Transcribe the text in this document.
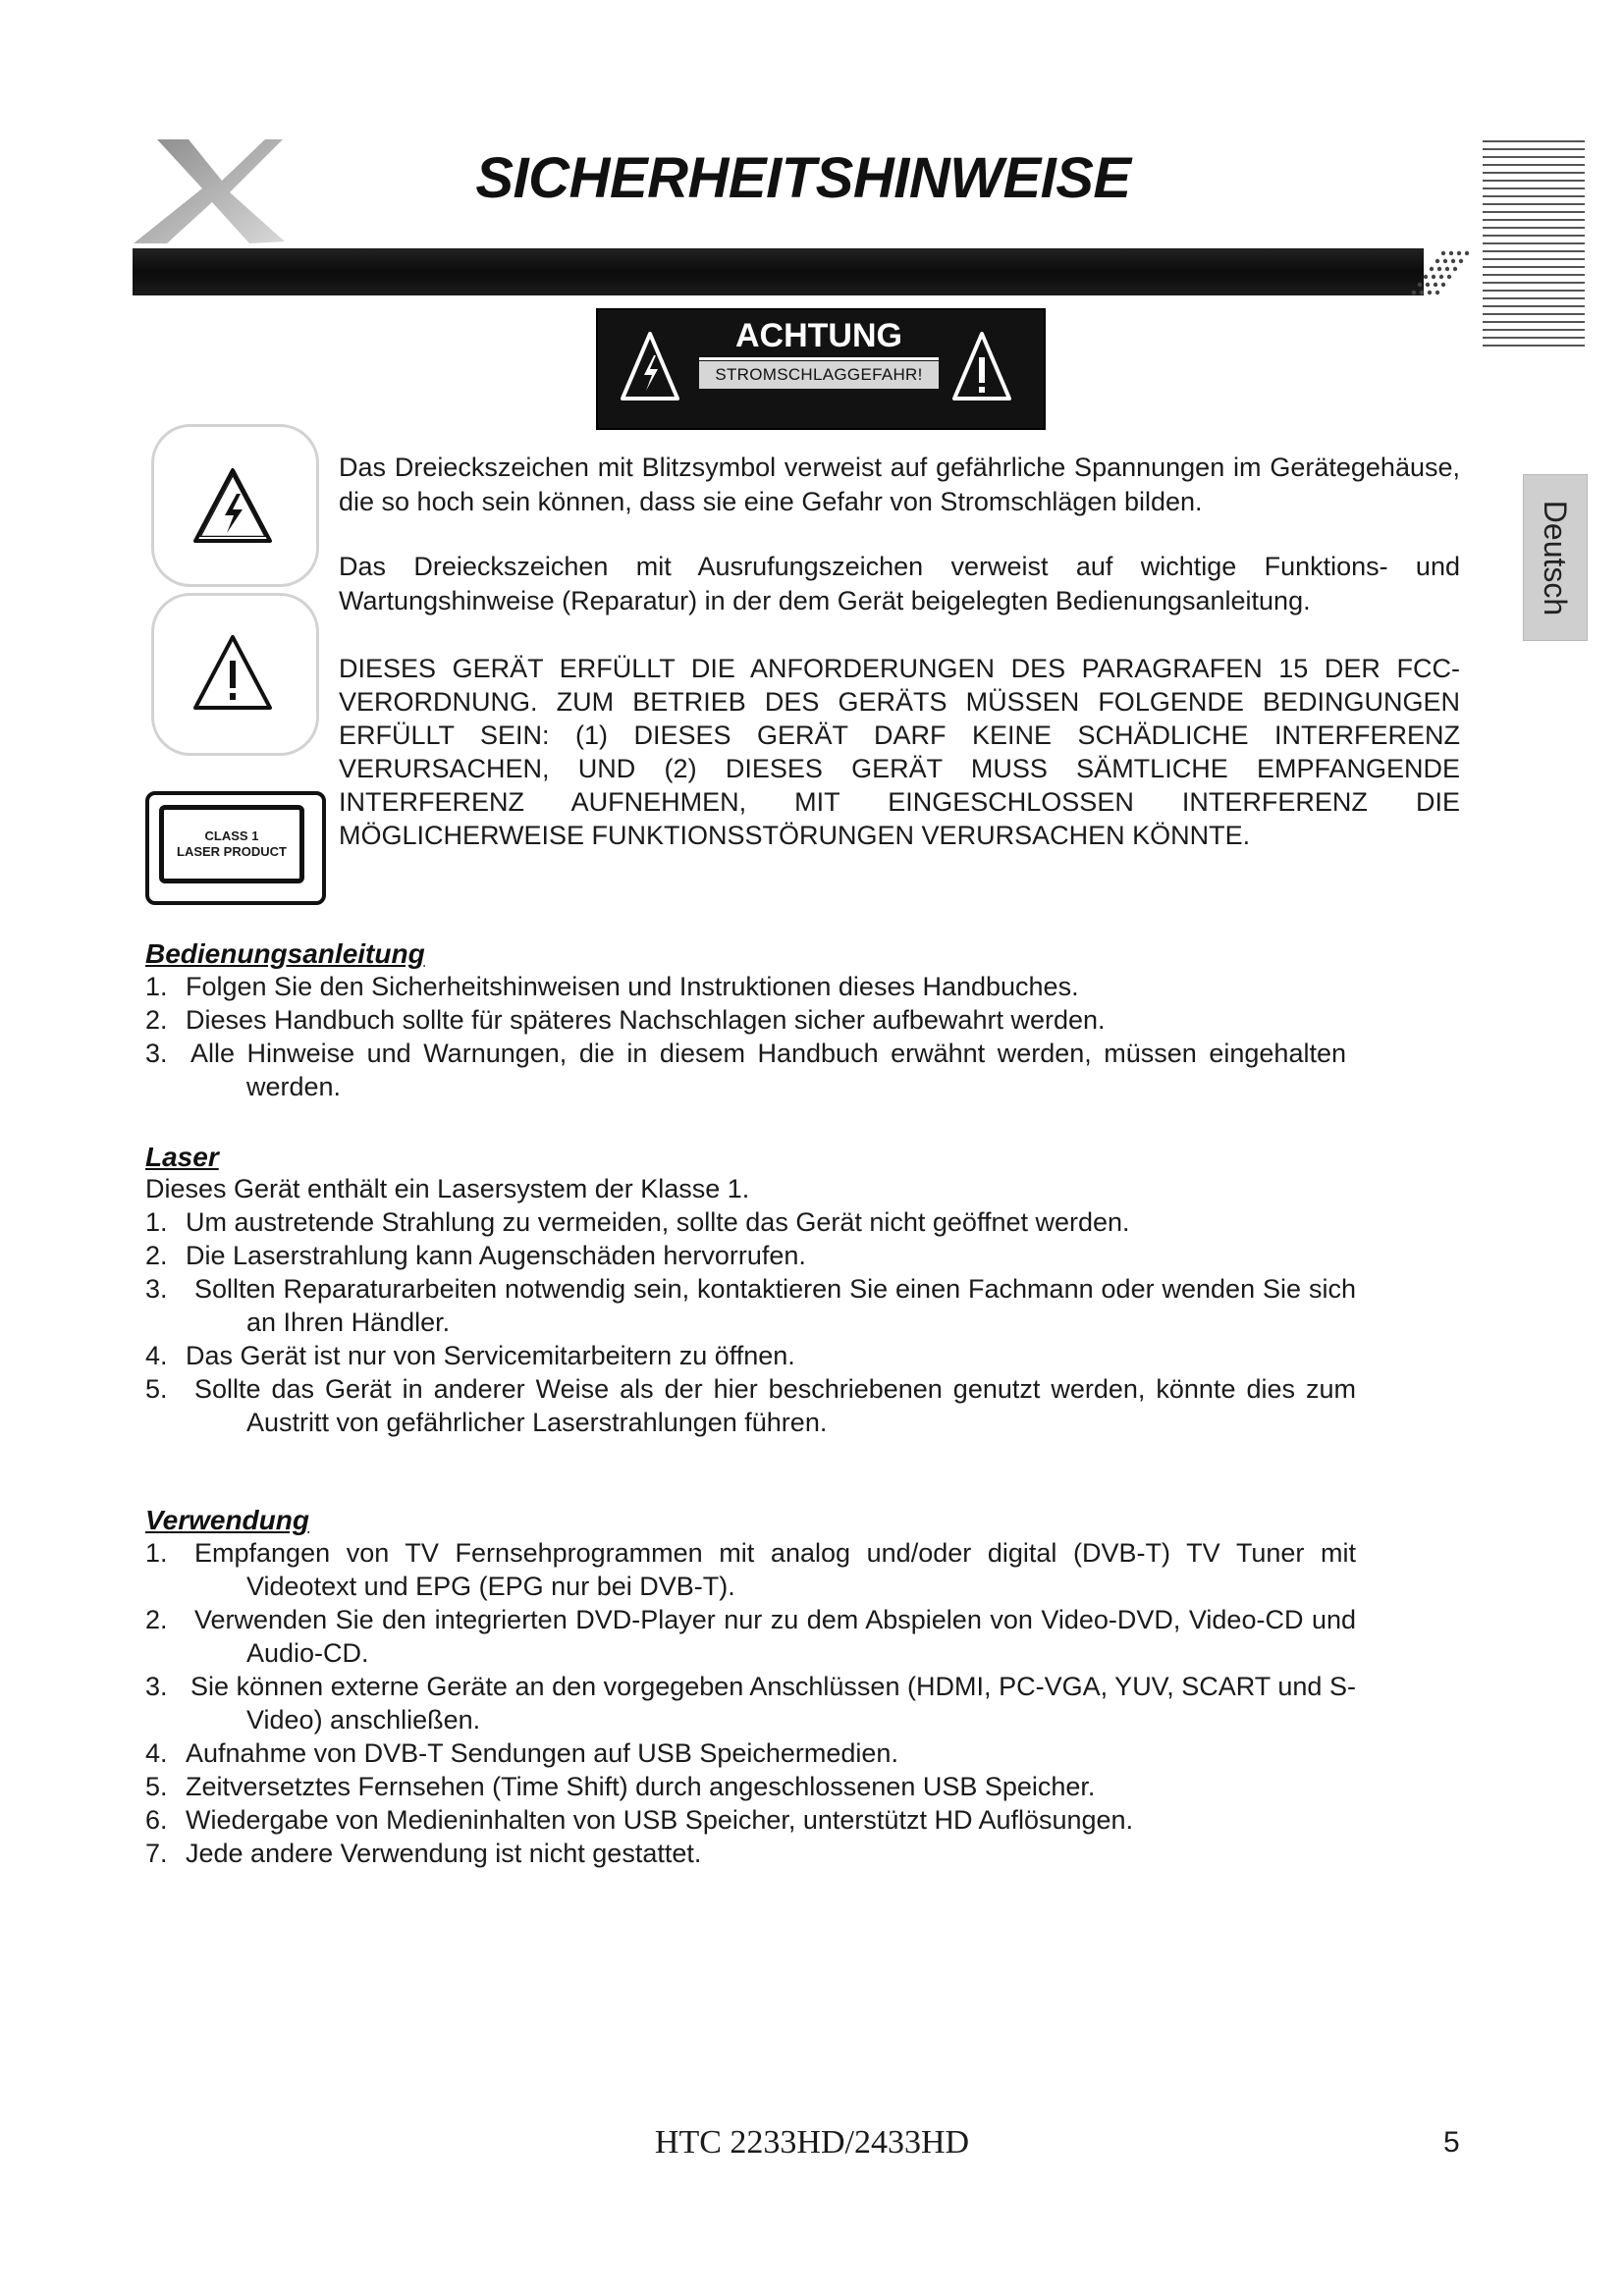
SICHERHEITSHINWEISE
Deutsch
ACHTUNG
STROMSCHLAGGEFAHR!
CLASS 1
LASER PRODUCT
Das Dreieckszeichen mit Blitzsymbol verweist auf gefährliche Spannungen im Gerätegehäuse, die so hoch sein können, dass sie eine Gefahr von Stromschlägen bilden.
Das Dreieckszeichen mit Ausrufungszeichen verweist auf wichtige Funktions- und Wartungshinweise (Reparatur) in der dem Gerät beigelegten Bedienungsanleitung.
DIESES GERÄT ERFÜLLT DIE ANFORDERUNGEN DES PARAGRAFEN 15 DER FCC-VERORDNUNG. ZUM BETRIEB DES GERÄTS MÜSSEN FOLGENDE BEDINGUNGEN ERFÜLLT SEIN: (1) DIESES GERÄT DARF KEINE SCHÄDLICHE INTERFERENZ VERURSACHEN, UND (2) DIESES GERÄT MUSS SÄMTLICHE EMPFANGENDE INTERFERENZ AUFNEHMEN, MIT EINGESCHLOSSEN INTERFERENZ DIE MÖGLICHERWEISE FUNKTIONSSTÖRUNGEN VERURSACHEN KÖNNTE.
Bedienungsanleitung
1. Folgen Sie den Sicherheitshinweisen und Instruktionen dieses Handbuches.
2. Dieses Handbuch sollte für späteres Nachschlagen sicher aufbewahrt werden.
3. Alle Hinweise und Warnungen, die in diesem Handbuch erwähnt werden, müssen eingehalten werden.
Laser
Dieses Gerät enthält ein Lasersystem der Klasse 1.
1. Um austretende Strahlung zu vermeiden, sollte das Gerät nicht geöffnet werden.
2. Die Laserstrahlung kann Augenschäden hervorrufen.
3. Sollten Reparaturarbeiten notwendig sein, kontaktieren Sie einen Fachmann oder wenden Sie sich an Ihren Händler.
4. Das Gerät ist nur von Servicemitarbeitern zu öffnen.
5. Sollte das Gerät in anderer Weise als der hier beschriebenen genutzt werden, könnte dies zum Austritt von gefährlicher Laserstrahlungen führen.
Verwendung
1. Empfangen von TV Fernsehprogrammen mit analog und/oder digital (DVB-T) TV Tuner mit Videotext und EPG (EPG nur bei DVB-T).
2. Verwenden Sie den integrierten DVD-Player nur zu dem Abspielen von Video-DVD, Video-CD und Audio-CD.
3. Sie können externe Geräte an den vorgegeben Anschlüssen (HDMI, PC-VGA, YUV, SCART und S-Video) anschließen.
4. Aufnahme von DVB-T Sendungen auf USB Speichermedien.
5. Zeitversetztes Fernsehen (Time Shift) durch angeschlossenen USB Speicher.
6. Wiedergabe von Medieninhalten von USB Speicher, unterstützt HD Auflösungen.
7. Jede andere Verwendung ist nicht gestattet.
HTC 2233HD/2433HD	5
